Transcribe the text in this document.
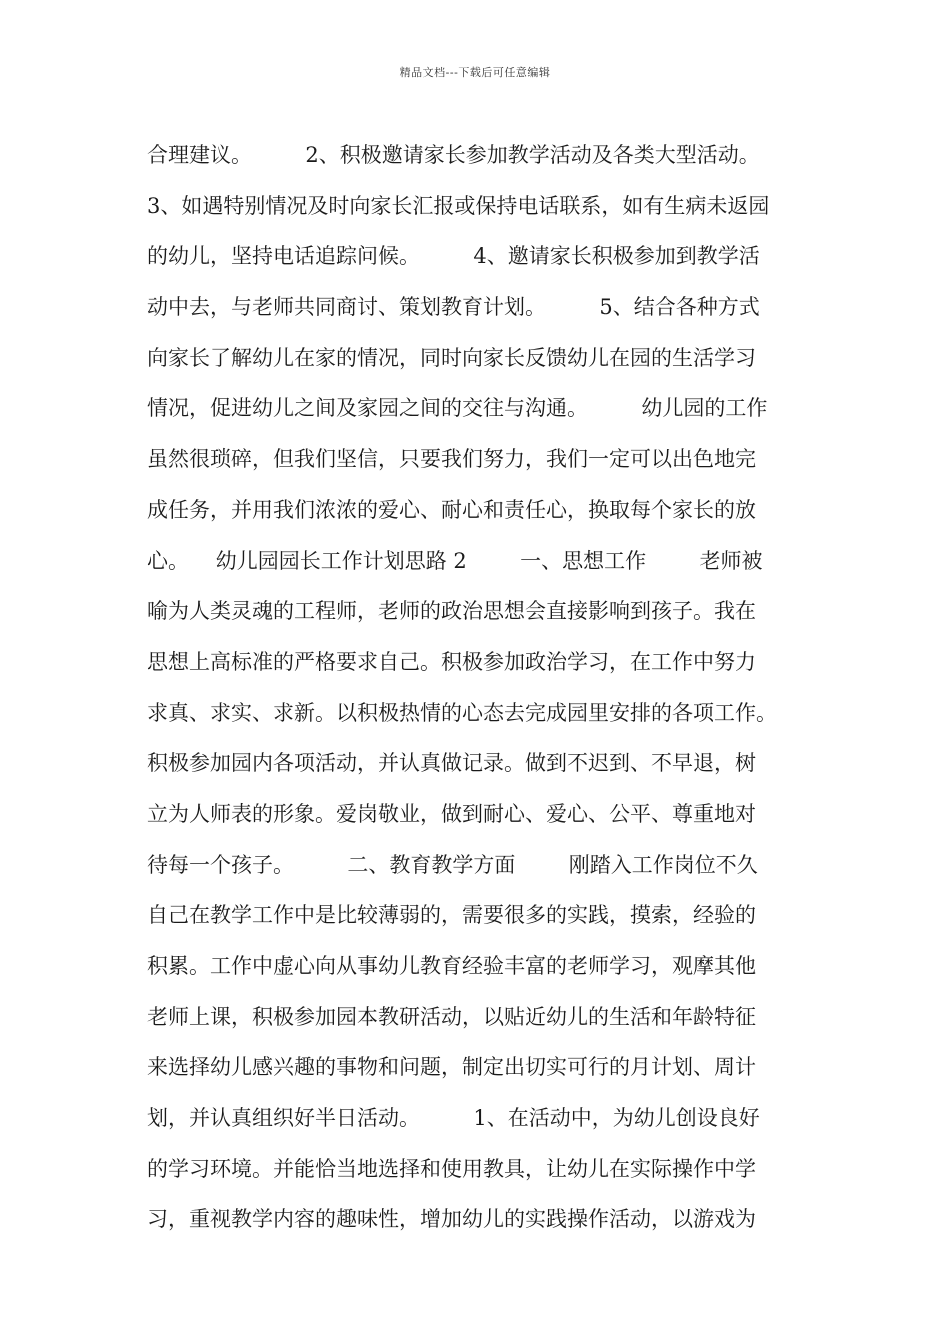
精品文档---下载后可任意编辑
合理建议。        2、积极邀请家长参加教学活动及各类大型活动。
3、如遇特别情况及时向家长汇报或保持电话联系，如有生病未返园
的幼儿，坚持电话追踪问候。        4、邀请家长积极参加到教学活
动中去，与老师共同商讨、策划教育计划。        5、结合各种方式
向家长了解幼儿在家的情况，同时向家长反馈幼儿在园的生活学习
情况，促进幼儿之间及家园之间的交往与沟通。        幼儿园的工作
虽然很琐碎，但我们坚信，只要我们努力，我们一定可以出色地完
成任务，并用我们浓浓的爱心、耐心和责任心，换取每个家长的放
心。    幼儿园园长工作计划思路 2        一、思想工作        老师被
喻为人类灵魂的工程师，老师的政治思想会直接影响到孩子。我在
思想上高标准的严格要求自己。积极参加政治学习，在工作中努力
求真、求实、求新。以积极热情的心态去完成园里安排的各项工作。
积极参加园内各项活动，并认真做记录。做到不迟到、不早退，树
立为人师表的形象。爱岗敬业，做到耐心、爱心、公平、尊重地对
待每一个孩子。        二、教育教学方面        刚踏入工作岗位不久
自己在教学工作中是比较薄弱的，需要很多的实践，摸索，经验的
积累。工作中虚心向从事幼儿教育经验丰富的老师学习，观摩其他
老师上课，积极参加园本教研活动，以贴近幼儿的生活和年龄特征
来选择幼儿感兴趣的事物和问题，制定出切实可行的月计划、周计
划，并认真组织好半日活动。        1、在活动中，为幼儿创设良好
的学习环境。并能恰当地选择和使用教具，让幼儿在实际操作中学
习，重视教学内容的趣味性，增加幼儿的实践操作活动，以游戏为
